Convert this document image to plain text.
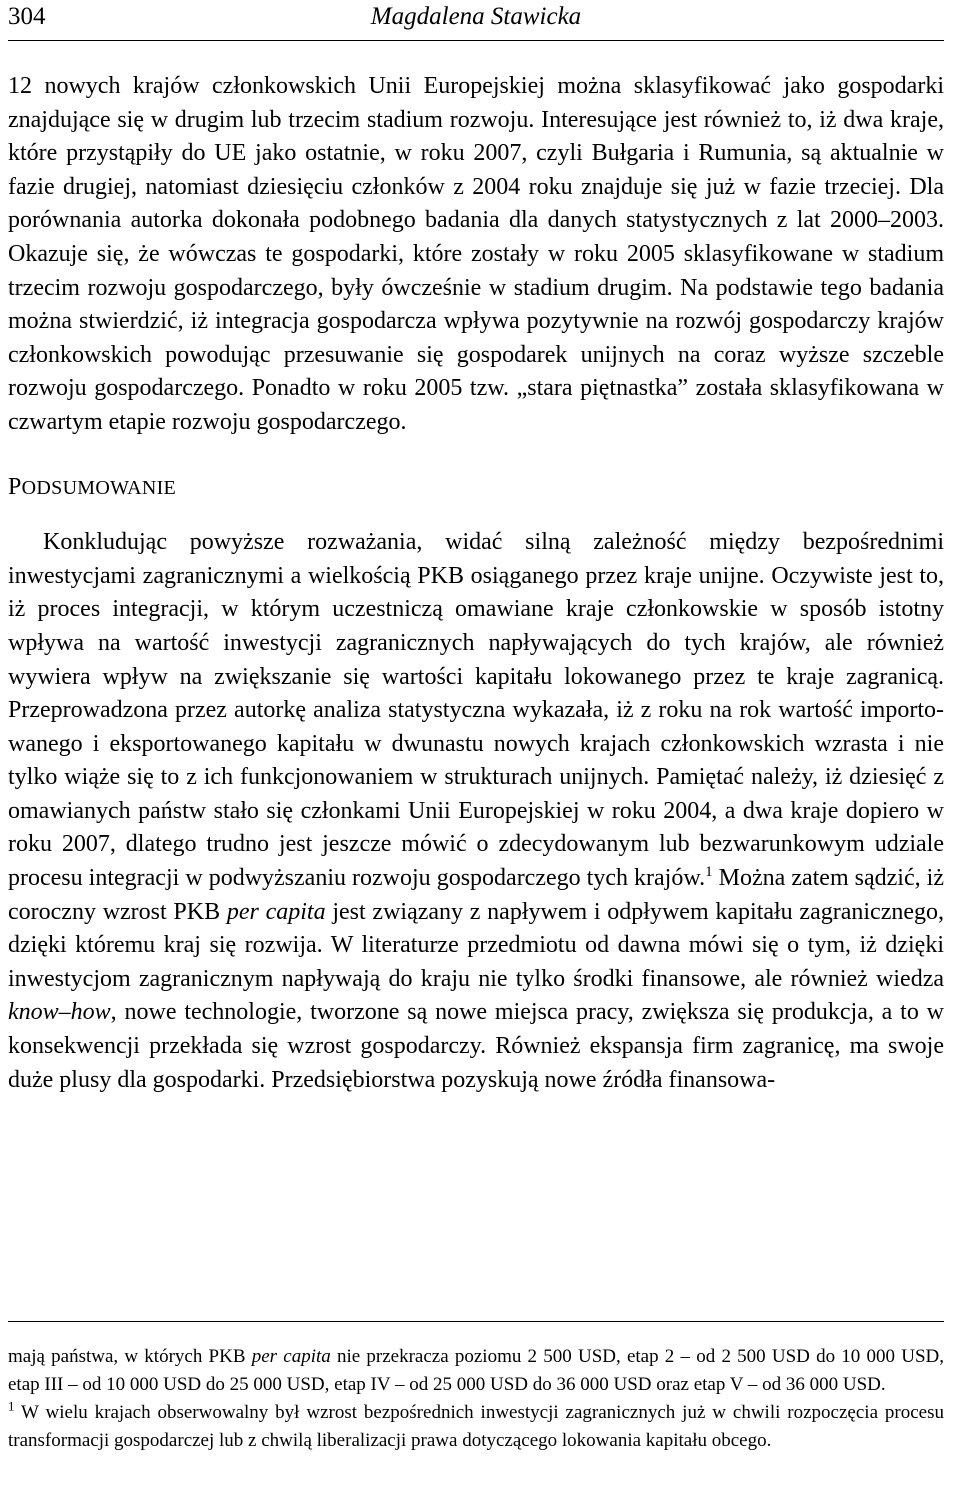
304	Magdalena Stawicka

12 nowych krajów członkowskich Unii Europejskiej można sklasyfikować jako gospodarki znajdujące się w drugim lub trzecim stadium rozwoju. Interesujące jest również to, iż dwa kraje, które przystąpiły do UE jako ostatnie, w roku 2007, czyli Bułgaria i Rumunia, są aktualnie w fazie drugiej, natomiast dziesięciu członków z 2004 roku znajduje się już w fazie trzeciej. Dla porównania autorka dokonała podobnego badania dla danych statystycznych z lat 2000–2003. Okazuje się, że wówczas te gospodarki, które zostały w roku 2005 sklasyfikowane w stadium trzecim rozwoju gospodarczego, były ówcześnie w stadium drugim. Na podstawie tego badania można stwierdzić, iż integracja gospodarcza wpływa pozytywnie na rozwój gospodarczy krajów członkowskich powodując przesuwanie się gospodarek unijnych na coraz wyższe szczeble rozwoju gospodarczego. Ponadto w roku 2005 tzw. „stara piętnastka” została sklasyfikowana w czwartym etapie rozwoju gospodarczego.

PODSUMOWANIE

Konkludując powyższe rozważania, widać silną zależność między bezpośrednimi inwestycjami zagranicznymi a wielkością PKB osiąganego przez kraje unijne. Oczywiste jest to, iż proces integracji, w którym uczestniczą omawiane kraje członkowskie w sposób istotny wpływa na wartość inwestycji zagranicznych napływających do tych krajów, ale również wywiera wpływ na zwiększanie się wartości kapitału lokowanego przez te kraje zagranicą. Przeprowadzona przez autorkę analiza statystyczna wykazała, iż z roku na rok wartość importowanego i eksportowanego kapitału w dwunastu nowych krajach członkowskich wzrasta i nie tylko wiąże się to z ich funkcjonowaniem w strukturach unijnych. Pamiętać należy, iż dziesięć z omawianych państw stało się członkami Unii Europejskiej w roku 2004, a dwa kraje dopiero w roku 2007, dlatego trudno jest jeszcze mówić o zdecydowanym lub bezwarunkowym udziale procesu integracji w podwyższaniu rozwoju gospodarczego tych krajów.$^1$ Można zatem sądzić, iż coroczny wzrost PKB per capita jest związany z napływem i odpływem kapitału zagranicznego, dzięki któremu kraj się rozwija. W literaturze przedmiotu od dawna mówi się o tym, iż dzięki inwestycjom zagranicznym napływają do kraju nie tylko środki finansowe, ale również wiedza know–how, nowe technologie, tworzone są nowe miejsca pracy, zwiększa się produkcja, a to w konsekwencji przekłada się wzrost gospodarczy. Również ekspansja firm zagranicę, ma swoje duże plusy dla gospodarki. Przedsiębiorstwa pozyskują nowe źródła finansowa-

mają państwa, w których PKB per capita nie przekracza poziomu 2 500 USD, etap 2 – od 2 500 USD do 10 000 USD, etap III – od 10 000 USD do 25 000 USD, etap IV – od 25 000 USD do 36 000 USD oraz etap V – od 36 000 USD.

$^1$ W wielu krajach obserwowalny był wzrost bezpośrednich inwestycji zagranicznych już w chwili rozpoczęcia procesu transformacji gospodarczej lub z chwilą liberalizacji prawa dotyczącego lokowania kapitału obcego.
